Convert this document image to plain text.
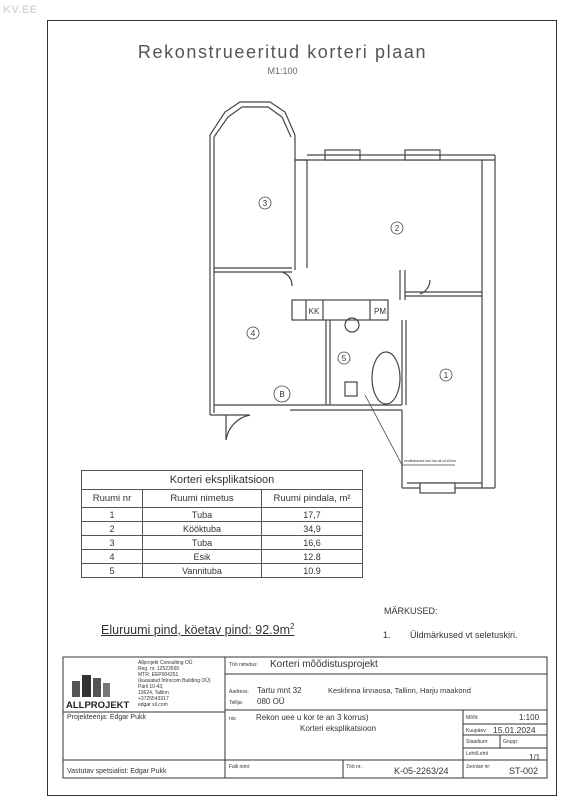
KV.EE
Rekonstrueeritud korteri plaan
M1:100
1
2
3
4
5
KK	PM
B
ventilatsiooni toru lae all ø110mm
Korteri eksplikatsioon		
Ruumi nr	Ruumi nimetus	Ruumi pindala, m²
1	Tuba	17,7
2	Kööktuba	34,9
3	Tuba	16,6
4	Esik	12.8
5	Vannituba	10.9
Eluruumi pind, köetav pind: $92.9m^2$
MÄRKUSED:
1. Üldmärkused vt seletuskiri.
ALLPROJEKT
Allprojekt Consulting OÜ
Reg. nr. 12523565
MTR: EEP004251
(kaasatud Introcom Building OÜ)
Pärli 10-43,
13624, Tallinn
+3725543317
edgar sil.com
Projekteerija: Edgar Pukk
Vastutav spetsialist: Edgar Pukk
Töö nimetus: Korteri mõõdistusprojekt
Aadress: Tartu mnt 32	Kesklinna linnaosa, Tallinn, Harju maakond
Tellija: 080 OÜ
nis: Rekon uee u kor te an 3 korrus)
Korteri eksplikatsioon
Mõõt:	1:100
Kuupäev: 15.01.2024
Staadium:	Grupp:
Leht/Lehti	1/1
Faili nimi:	Töö nr.:	K-05-2263/24	Joonise nr: ST-002
